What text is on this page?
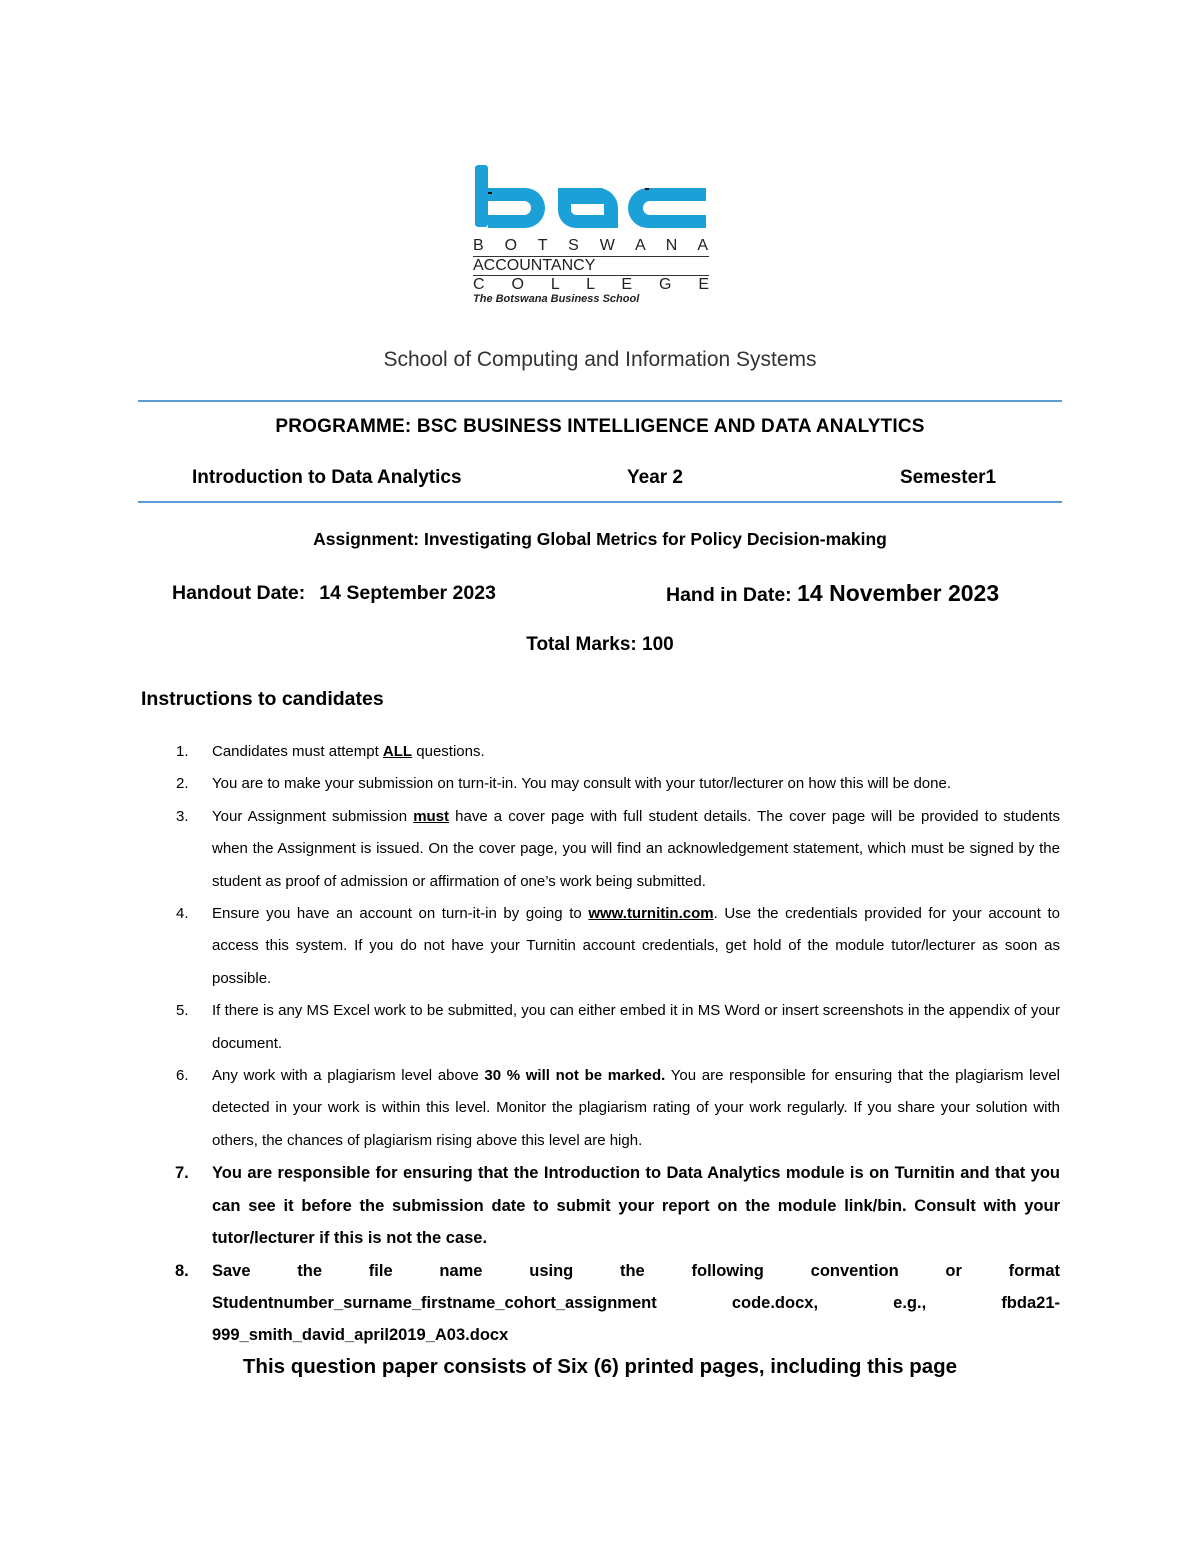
B O T S W A N A
ACCOUNTANCY
C O L L E G E
The Botswana Business School
School of Computing and Information Systems
PROGRAMME: BSC BUSINESS INTELLIGENCE AND DATA ANALYTICS
Introduction to Data Analytics	Year 2	Semester1
Assignment: Investigating Global Metrics for Policy Decision-making
Handout Date: 14 September 2023	Hand in Date: 14 November 2023
Total Marks: 100
Instructions to candidates
1. Candidates must attempt ALL questions.
2. You are to make your submission on turn-it-in. You may consult with your tutor/lecturer on how this will be done.
3. Your Assignment submission must have a cover page with full student details. The cover page will be provided to students when the Assignment is issued. On the cover page, you will find an acknowledgement statement, which must be signed by the student as proof of admission or affirmation of one’s work being submitted.
4. Ensure you have an account on turn-it-in by going to www.turnitin.com. Use the credentials provided for your account to access this system. If you do not have your Turnitin account credentials, get hold of the module tutor/lecturer as soon as possible.
5. If there is any MS Excel work to be submitted, you can either embed it in MS Word or insert screenshots in the appendix of your document.
6. Any work with a plagiarism level above 30 % will not be marked. You are responsible for ensuring that the plagiarism level detected in your work is within this level. Monitor the plagiarism rating of your work regularly. If you share your solution with others, the chances of plagiarism rising above this level are high.
7. You are responsible for ensuring that the Introduction to Data Analytics module is on Turnitin and that you can see it before the submission date to submit your report on the module link/bin. Consult with your tutor/lecturer if this is not the case.
8. Save the file name using the following convention or format
Studentnumber_surname_firstname_cohort_assignment code.docx, e.g., fbda21-
999_smith_david_april2019_A03.docx
This question paper consists of Six (6) printed pages, including this page
